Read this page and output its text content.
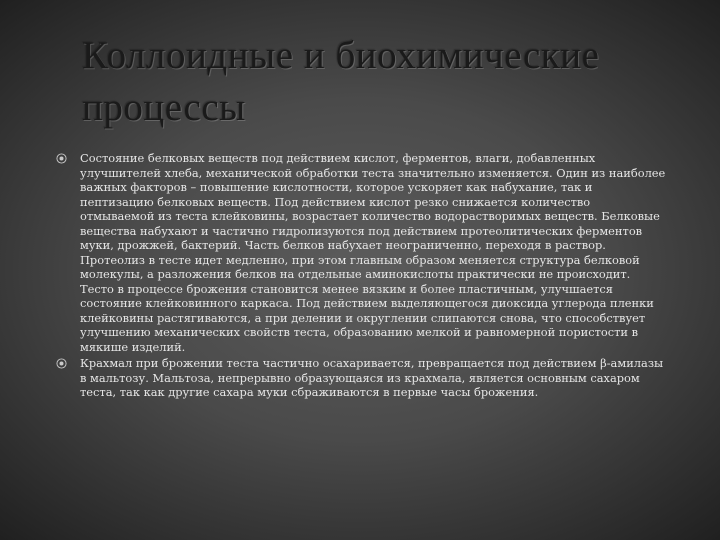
Коллоидные и биохимические процессы
Состояние белковых веществ под действием кислот, ферментов, влаги, добавленных улучшителей хлеба, механической обработки теста значительно изменяется. Один из наиболее важных факторов – повышение кислотности, которое ускоряет как набухание, так и пептизацию белковых веществ. Под действием кислот резко снижается количество отмываемой из теста клейковины, возрастает количество водорастворимых веществ. Белковые вещества набухают и частично гидролизуются под действием протеолитических ферментов муки, дрожжей, бактерий. Часть белков набухает неограниченно, переходя в раствор. Протеолиз в тесте идет медленно, при этом главным образом меняется структура белковой молекулы, а разложения белков на отдельные аминокислоты практически не происходит. Тесто в процессе брожения становится менее вязким и более пластичным, улучшается состояние клейковинного каркаса. Под действием выделяющегося диоксида углерода пленки клейковины растягиваются, а при делении и округлении слипаются снова, что способствует улучшению механических свойств теста, образованию мелкой и равномерной пористости в мякише изделий.
Крахмал при брожении теста частично осахаривается, превращается под действием β-амилазы в мальтозу. Мальтоза, непрерывно образующаяся из крахмала, является основным сахаром теста, так как другие сахара муки сбраживаются в первые часы брожения.
